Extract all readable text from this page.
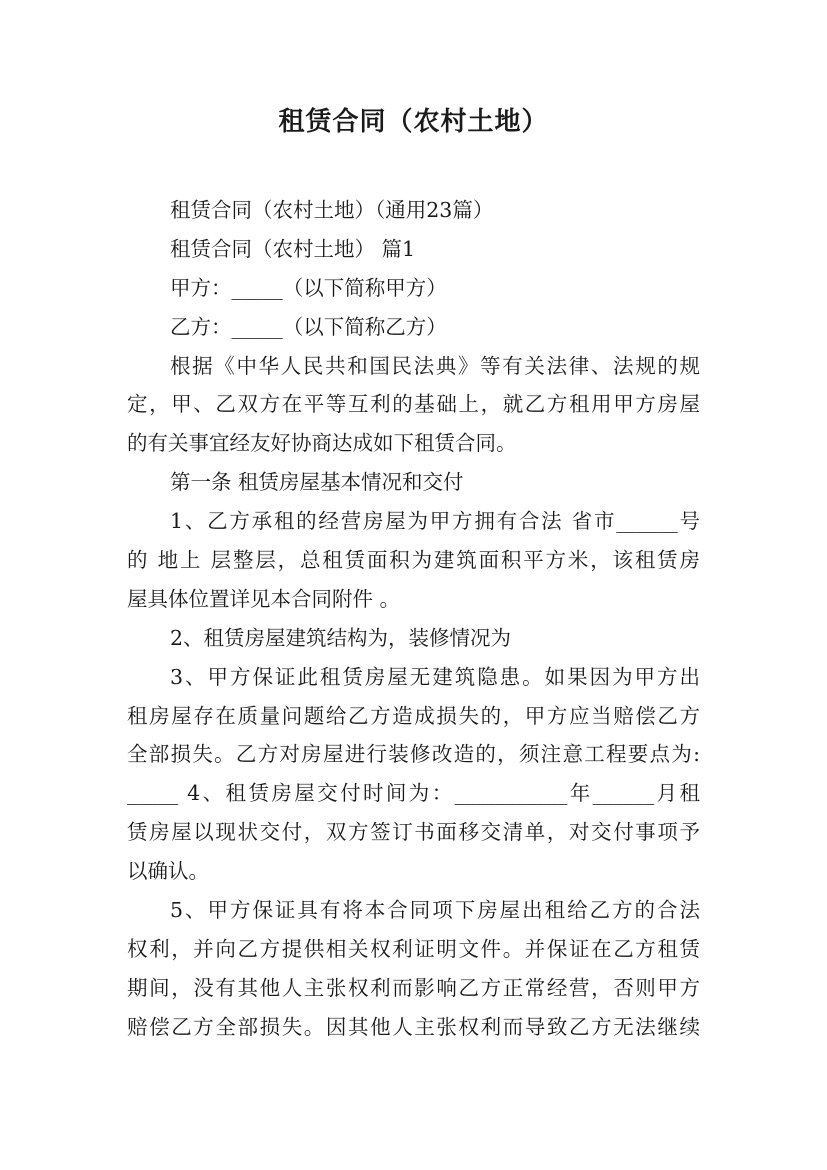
租赁合同（农村土地）
租赁合同（农村土地）（通用23篇）
租赁合同（农村土地） 篇1
甲方：_____（以下简称甲方）
乙方：_____（以下简称乙方）
根据《中华人民共和国民法典》等有关法律、法规的规
定，甲、乙双方在平等互利的基础上，就乙方租用甲方房屋
的有关事宜经友好协商达成如下租赁合同。
第一条 租赁房屋基本情况和交付
1、乙方承租的经营房屋为甲方拥有合法 省市______号
的 地上 层整层，总租赁面积为建筑面积平方米，该租赁房
屋具体位置详见本合同附件 。
2、租赁房屋建筑结构为，装修情况为
3、甲方保证此租赁房屋无建筑隐患。如果因为甲方出
租房屋存在质量问题给乙方造成损失的，甲方应当赔偿乙方
全部损失。乙方对房屋进行装修改造的，须注意工程要点为:
_____ 4、租赁房屋交付时间为：___________年______月租
赁房屋以现状交付，双方签订书面移交清单，对交付事项予
以确认。
5、甲方保证具有将本合同项下房屋出租给乙方的合法
权利，并向乙方提供相关权利证明文件。并保证在乙方租赁
期间，没有其他人主张权利而影响乙方正常经营，否则甲方
赔偿乙方全部损失。因其他人主张权利而导致乙方无法继续
